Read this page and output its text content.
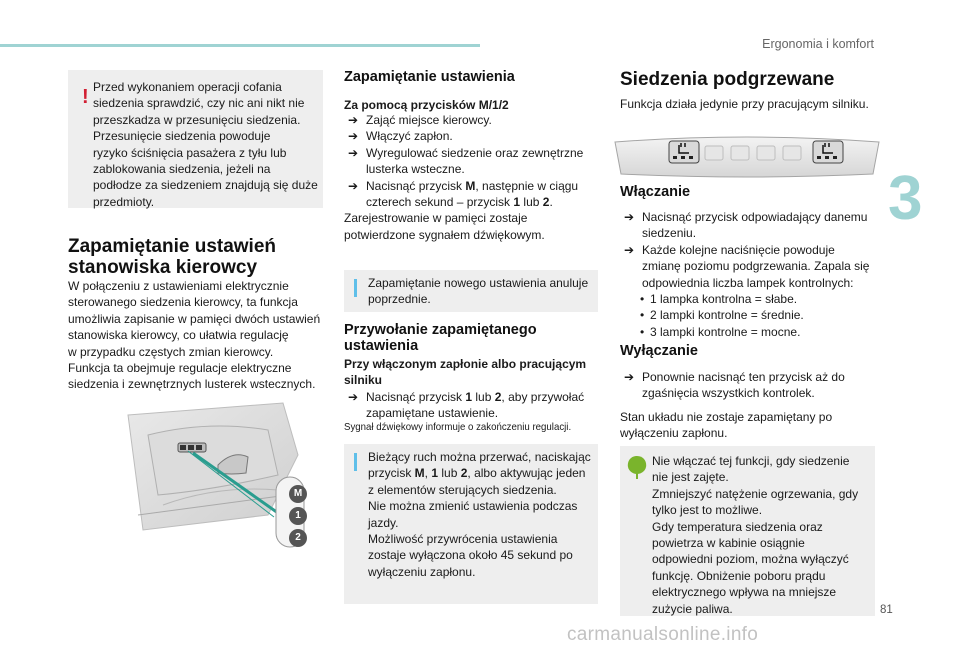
Ergonomia i komfort
3
! Przed wykonaniem operacji cofania
siedzenia sprawdzić, czy nic ani nikt nie
przeszkadza w przesunięciu siedzenia.
Przesunięcie siedzenia powoduje
ryzyko ściśnięcia pasażera z tyłu lub
zablokowania siedzenia, jeżeli na
podłodze za siedzeniem znajdują się duże
przedmioty.
Zapamiętanie ustawień
stanowiska kierowcy
W połączeniu z ustawieniami elektrycznie
sterowanego siedzenia kierowcy, ta funkcja
umożliwia zapisanie w pamięci dwóch ustawień
stanowiska kierowcy, co ułatwia regulację
w przypadku częstych zmian kierowcy.
Funkcja ta obejmuje regulacje elektryczne
siedzenia i zewnętrznych lusterek wstecznych.
M
1
2
Zapamiętanie ustawienia
Za pomocą przycisków M/1/2
➔ Zająć miejsce kierowcy.
➔ Włączyć zapłon.
➔ Wyregulować siedzenie oraz zewnętrzne
lusterka wsteczne.
➔ Nacisnąć przycisk M, następnie w ciągu
czterech sekund – przycisk 1 lub 2.
Zarejestrowanie w pamięci zostaje
potwierdzone sygnałem dźwiękowym.
Zapamiętanie nowego ustawienia anuluje
poprzednie.
Przywołanie zapamiętanego
ustawienia
Przy włączonym zapłonie albo pracującym
silniku
➔ Nacisnąć przycisk 1 lub 2, aby przywołać
zapamiętane ustawienie.
Sygnał dźwiękowy informuje o zakończeniu regulacji.
Bieżący ruch można przerwać, naciskając
przycisk M, 1 lub 2, albo aktywując jeden
z elementów sterujących siedzenia.
Nie można zmienić ustawienia podczas
jazdy.
Możliwość przywrócenia ustawienia
zostaje wyłączona około 45 sekund po
wyłączeniu zapłonu.
Siedzenia podgrzewane
Funkcja działa jedynie przy pracującym silniku.
Włączanie
➔ Nacisnąć przycisk odpowiadający danemu
siedzeniu.
➔ Każde kolejne naciśnięcie powoduje
zmianę poziomu podgrzewania. Zapala się
odpowiednia liczba lampek kontrolnych:
• 1 lampka kontrolna = słabe.
• 2 lampki kontrolne = średnie.
• 3 lampki kontrolne = mocne.
Wyłączanie
➔ Ponownie nacisnąć ten przycisk aż do
zgaśnięcia wszystkich kontrolek.
Stan układu nie zostaje zapamiętany po
wyłączeniu zapłonu.
Nie włączać tej funkcji, gdy siedzenie
nie jest zajęte.
Zmniejszyć natężenie ogrzewania, gdy
tylko jest to możliwe.
Gdy temperatura siedzenia oraz
powietrza w kabinie osiągnie
odpowiedni poziom, można wyłączyć
funkcję. Obniżenie poboru prądu
elektrycznego wpływa na mniejsze
zużycie paliwa.	81
carmanualsonline.info
